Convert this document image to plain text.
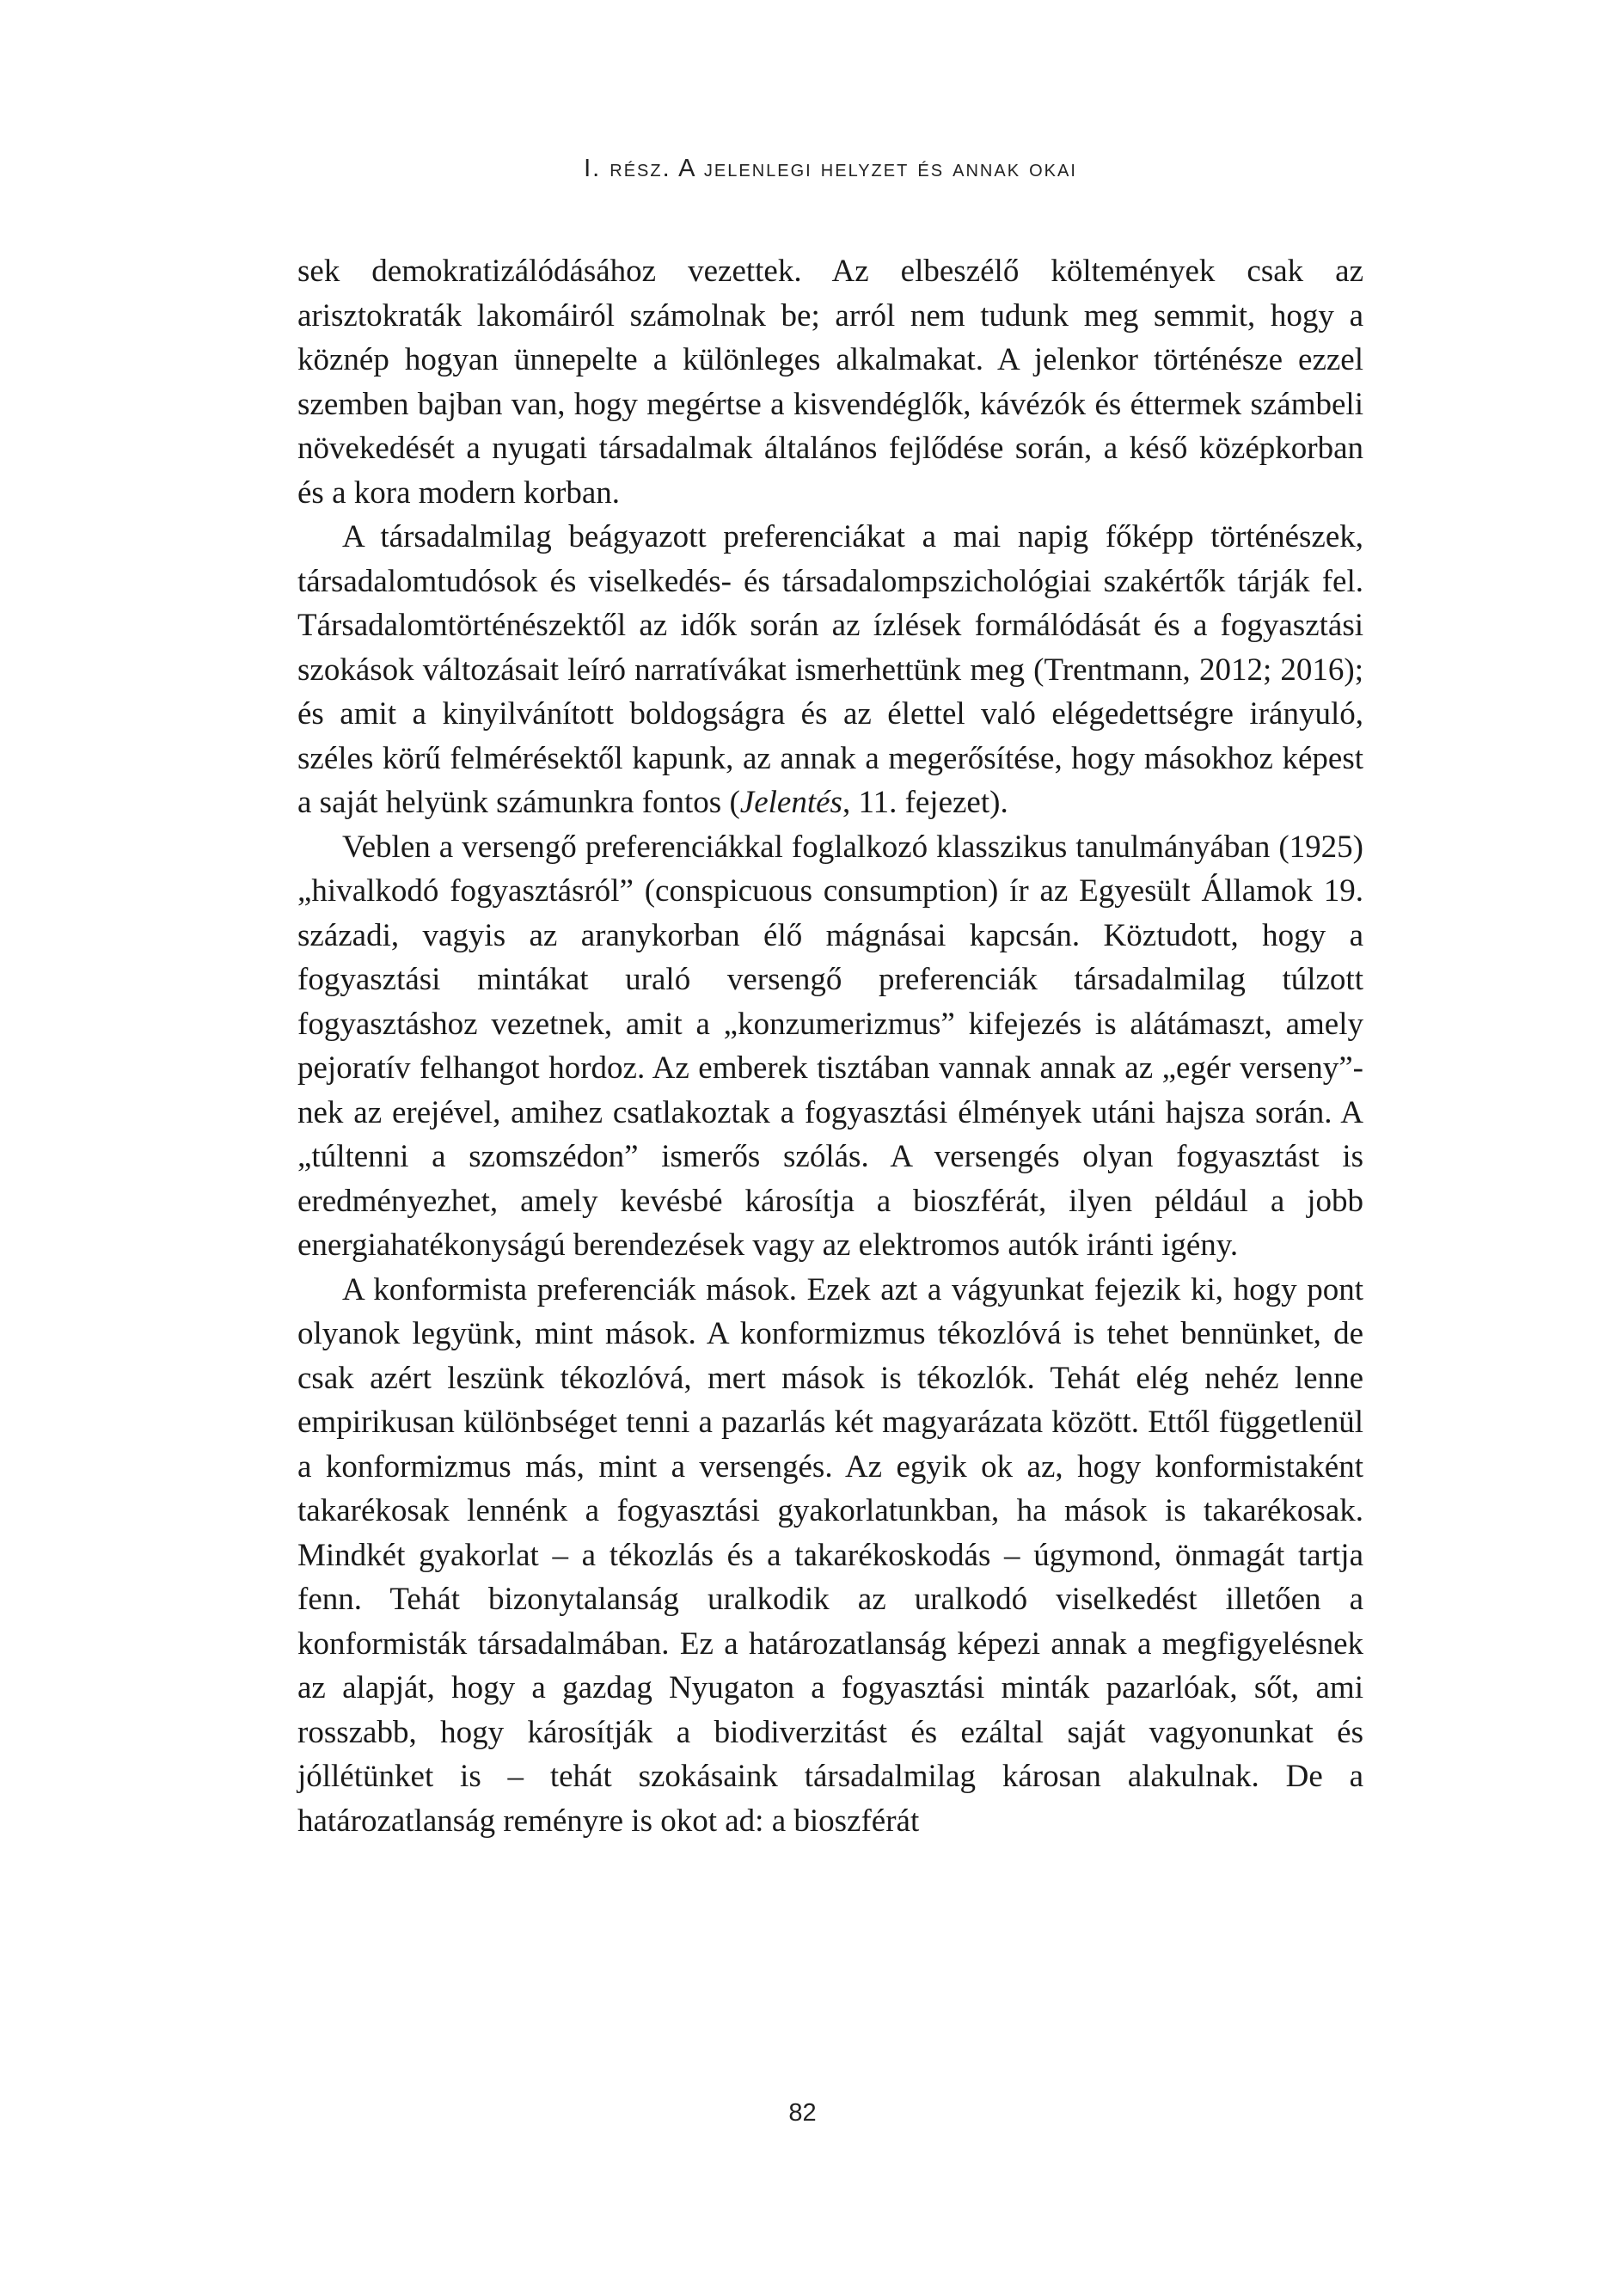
I. rész. A jelenlegi helyzet és annak okai

sek demokratizálódásához vezettek. Az elbeszélő költemények csak az arisztokraták lakomáiról számolnak be; arról nem tudunk meg semmit, hogy a köznép hogyan ünnepelte a különleges alkalmakat. A jelenkor történésze ezzel szemben bajban van, hogy megértse a kisvendéglők, kávézók és éttermek számbeli növekedését a nyugati társadalmak általános fejlődése során, a késő középkorban és a kora modern korban.

A társadalmilag beágyazott preferenciákat a mai napig főképp történészek, társadalomtudósok és viselkedés- és társadalompszichológiai szakértők tárják fel. Társadalomtörténészektől az idők során az ízlések formálódását és a fogyasztási szokások változásait leíró narratívákat ismerhettünk meg (Trentmann, 2012; 2016); és amit a kinyilvánított boldogságra és az élettel való elégedettségre irányuló, széles körű felmérésektől kapunk, az annak a megerősítése, hogy másokhoz képest a saját helyünk számunkra fontos (Jelentés, 11. fejezet).

Veblen a versengő preferenciákkal foglalkozó klasszikus tanulmányában (1925) „hivalkodó fogyasztásról” (conspicuous consumption) ír az Egyesült Államok 19. századi, vagyis az aranykorban élő mágnásai kapcsán. Köztudott, hogy a fogyasztási mintákat uraló versengő preferenciák társadalmilag túlzott fogyasztáshoz vezetnek, amit a „konzumerizmus” kifejezés is alátámaszt, amely pejoratív felhangot hordoz. Az emberek tisztában vannak annak az „egér verseny”-nek az erejével, amihez csatlakoztak a fogyasztási élmények utáni hajsza során. A „túltenni a szomszédon” ismerős szólás. A versengés olyan fogyasztást is eredményezhet, amely kevésbé károsítja a bioszférát, ilyen például a jobb energiahatékonyságú berendezések vagy az elektromos autók iránti igény.

A konformista preferenciák mások. Ezek azt a vágyunkat fejezik ki, hogy pont olyanok legyünk, mint mások. A konformizmus tékozlóvá is tehet bennünket, de csak azért leszünk tékozlóvá, mert mások is tékozlók. Tehát elég nehéz lenne empirikusan különbséget tenni a pazarlás két magyarázata között. Ettől függetlenül a konformizmus más, mint a versengés. Az egyik ok az, hogy konformistaként takarékosak lennénk a fogyasztási gyakorlatunkban, ha mások is takarékosak. Mindkét gyakorlat – a tékozlás és a takarékoskodás – úgymond, önmagát tartja fenn. Tehát bizonytalanság uralkodik az uralkodó viselkedést illetően a konformisták társadalmában. Ez a határozatlanság képezi annak a megfigyelésnek az alapját, hogy a gazdag Nyugaton a fogyasztási minták pazarlóak, sőt, ami rosszabb, hogy károsítják a biodiverzitást és ezáltal saját vagyonunkat és jóllétünket is – tehát szokásaink társadalmilag károsan alakulnak. De a határozatlanság reményre is okot ad: a bioszférát

82
